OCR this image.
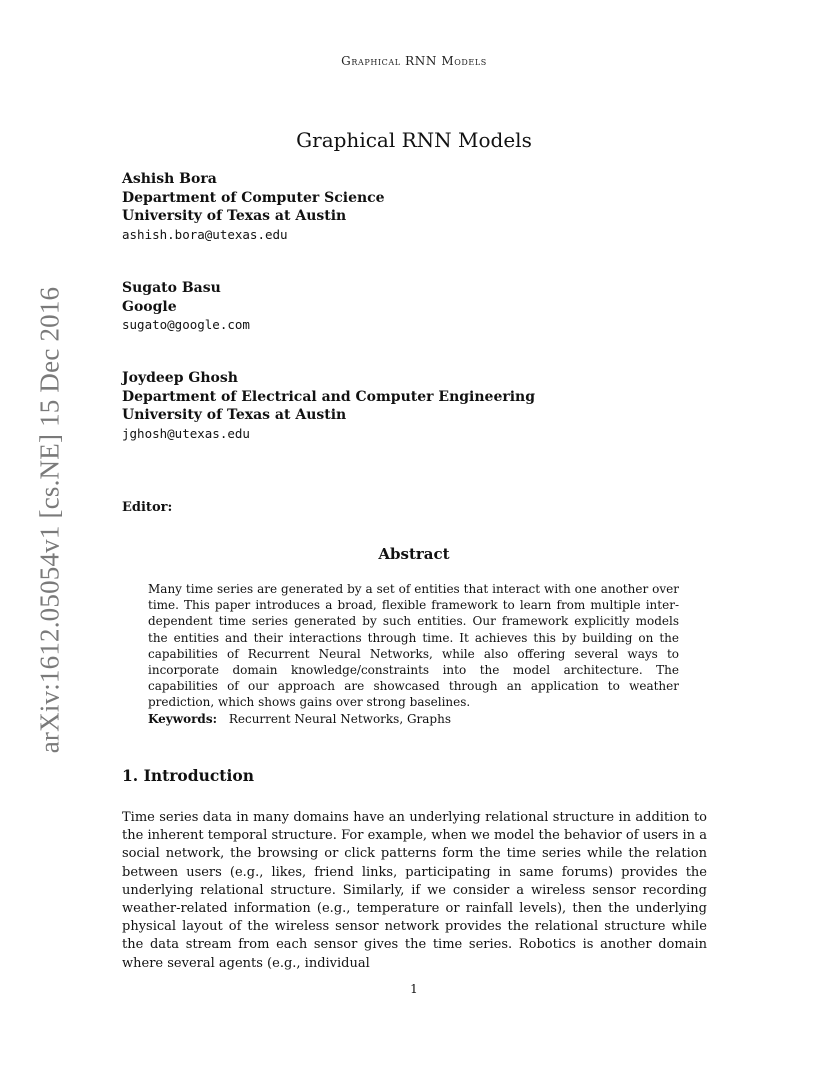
arXiv:1612.05054v1 [cs.NE] 15 Dec 2016
Graphical RNN Models
Graphical RNN Models
Ashish Bora
Department of Computer Science
University of Texas at Austin
ashish.bora@utexas.edu
Sugato Basu
Google
sugato@google.com
Joydeep Ghosh
Department of Electrical and Computer Engineering
University of Texas at Austin
jghosh@utexas.edu
Editor:
Abstract
Many time series are generated by a set of entities that interact with one another over time. This paper introduces a broad, flexible framework to learn from multiple inter-dependent time series generated by such entities. Our framework explicitly models the entities and their interactions through time. It achieves this by building on the capabilities of Recurrent Neural Networks, while also offering several ways to incorporate domain knowledge/constraints into the model architecture. The capabilities of our approach are showcased through an application to weather prediction, which shows gains over strong baselines.
Keywords: Recurrent Neural Networks, Graphs
1. Introduction
Time series data in many domains have an underlying relational structure in addition to the inherent temporal structure. For example, when we model the behavior of users in a social network, the browsing or click patterns form the time series while the relation between users (e.g., likes, friend links, participating in same forums) provides the underlying relational structure. Similarly, if we consider a wireless sensor recording weather-related information (e.g., temperature or rainfall levels), then the underlying physical layout of the wireless sensor network provides the relational structure while the data stream from each sensor gives the time series. Robotics is another domain where several agents (e.g., individual
1
